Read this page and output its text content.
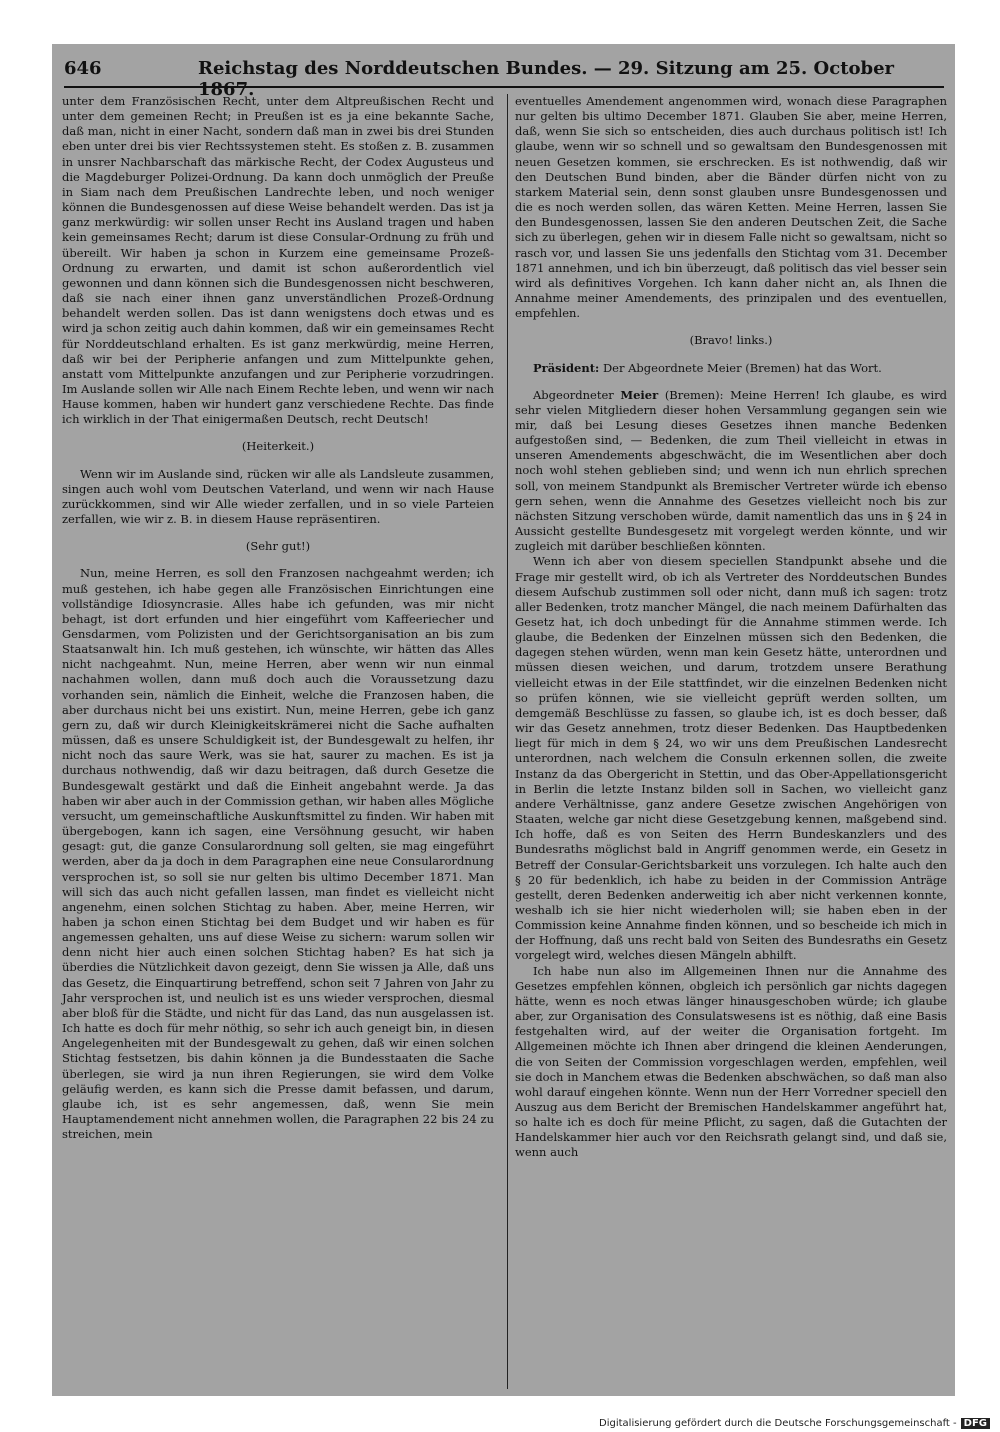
646	Reichstag des Norddeutschen Bundes. — 29. Sitzung am 25. October 1867.

unter dem Französischen Recht, unter dem Altpreußischen Recht und unter dem gemeinen Recht; in Preußen ist es ja eine bekannte Sache, daß man, nicht in einer Nacht, sondern daß man in zwei bis drei Stunden eben unter drei bis vier Rechtssystemen steht. Es stoßen z. B. zusammen in unsrer Nachbarschaft das märkische Recht, der Codex Augusteus und die Magdeburger Polizei-Ordnung. Da kann doch unmöglich der Preuße in Siam nach dem Preußischen Landrechte leben, und noch weniger können die Bundesgenossen auf diese Weise behandelt werden. Das ist ja ganz merkwürdig: wir sollen unser Recht ins Ausland tragen und haben kein gemeinsames Recht; darum ist diese Consular-Ordnung zu früh und übereilt. Wir haben ja schon in Kurzem eine gemeinsame Prozeß-Ordnung zu erwarten, und damit ist schon außerordentlich viel gewonnen und dann können sich die Bundesgenossen nicht beschweren, daß sie nach einer ihnen ganz unverständlichen Prozeß-Ordnung behandelt werden sollen. Das ist dann wenigstens doch etwas und es wird ja schon zeitig auch dahin kommen, daß wir ein gemeinsames Recht für Norddeutschland erhalten. Es ist ganz merkwürdig, meine Herren, daß wir bei der Peripherie anfangen und zum Mittelpunkte gehen, anstatt vom Mittelpunkte anzufangen und zur Peripherie vorzudringen. Im Auslande sollen wir Alle nach Einem Rechte leben, und wenn wir nach Hause kommen, haben wir hundert ganz verschiedene Rechte. Das finde ich wirklich in der That einigermaßen Deutsch, recht Deutsch!

(Heiterkeit.)

Wenn wir im Auslande sind, rücken wir alle als Landsleute zusammen, singen auch wohl vom Deutschen Vaterland, und wenn wir nach Hause zurückkommen, sind wir Alle wieder zerfallen, und in so viele Parteien zerfallen, wie wir z. B. in diesem Hause repräsentiren.

(Sehr gut!)

Nun, meine Herren, es soll den Franzosen nachgeahmt werden; ich muß gestehen, ich habe gegen alle Französischen Einrichtungen eine vollständige Idiosyncrasie. Alles habe ich gefunden, was mir nicht behagt, ist dort erfunden und hier eingeführt vom Kaffeeriecher und Gensdarmen, vom Polizisten und der Gerichtsorganisation an bis zum Staatsanwalt hin. Ich muß gestehen, ich wünschte, wir hätten das Alles nicht nachgeahmt. Nun, meine Herren, aber wenn wir nun einmal nachahmen wollen, dann muß doch auch die Voraussetzung dazu vorhanden sein, nämlich die Einheit, welche die Franzosen haben, die aber durchaus nicht bei uns existirt. Nun, meine Herren, gebe ich ganz gern zu, daß wir durch Kleinigkeitskrämerei nicht die Sache aufhalten müssen, daß es unsere Schuldigkeit ist, der Bundesgewalt zu helfen, ihr nicht noch das saure Werk, was sie hat, saurer zu machen. Es ist ja durchaus nothwendig, daß wir dazu beitragen, daß durch Gesetze die Bundesgewalt gestärkt und daß die Einheit angebahnt werde. Ja das haben wir aber auch in der Commission gethan, wir haben alles Mögliche versucht, um gemeinschaftliche Auskunftsmittel zu finden. Wir haben mit übergebogen, kann ich sagen, eine Versöhnung gesucht, wir haben gesagt: gut, die ganze Consularordnung soll gelten, sie mag eingeführt werden, aber da ja doch in dem Paragraphen eine neue Consularordnung versprochen ist, so soll sie nur gelten bis ultimo December 1871. Man will sich das auch nicht gefallen lassen, man findet es vielleicht nicht angenehm, einen solchen Stichtag zu haben. Aber, meine Herren, wir haben ja schon einen Stichtag bei dem Budget und wir haben es für angemessen gehalten, uns auf diese Weise zu sichern: warum sollen wir denn nicht hier auch einen solchen Stichtag haben? Es hat sich ja überdies die Nützlichkeit davon gezeigt, denn Sie wissen ja Alle, daß uns das Gesetz, die Einquartirung betreffend, schon seit 7 Jahren von Jahr zu Jahr versprochen ist, und neulich ist es uns wieder versprochen, diesmal aber bloß für die Städte, und nicht für das Land, das nun ausgelassen ist. Ich hatte es doch für mehr nöthig, so sehr ich auch geneigt bin, in diesen Angelegenheiten mit der Bundesgewalt zu gehen, daß wir einen solchen Stichtag festsetzen, bis dahin können ja die Bundesstaaten die Sache überlegen, sie wird ja nun ihren Regierungen, sie wird dem Volke geläufig werden, es kann sich die Presse damit befassen, und darum, glaube ich, ist es sehr angemessen, daß, wenn Sie mein Hauptamendement nicht annehmen wollen, die Paragraphen 22 bis 24 zu streichen, mein

eventuelles Amendement angenommen wird, wonach diese Paragraphen nur gelten bis ultimo December 1871. Glauben Sie aber, meine Herren, daß, wenn Sie sich so entscheiden, dies auch durchaus politisch ist! Ich glaube, wenn wir so schnell und so gewaltsam den Bundesgenossen mit neuen Gesetzen kommen, sie erschrecken. Es ist nothwendig, daß wir den Deutschen Bund binden, aber die Bänder dürfen nicht von zu starkem Material sein, denn sonst glauben unsre Bundesgenossen und die es noch werden sollen, das wären Ketten. Meine Herren, lassen Sie den Bundesgenossen, lassen Sie den anderen Deutschen Zeit, die Sache sich zu überlegen, gehen wir in diesem Falle nicht so gewaltsam, nicht so rasch vor, und lassen Sie uns jedenfalls den Stichtag vom 31. December 1871 annehmen, und ich bin überzeugt, daß politisch das viel besser sein wird als definitives Vorgehen. Ich kann daher nicht an, als Ihnen die Annahme meiner Amendements, des prinzipalen und des eventuellen, empfehlen.

(Bravo! links.)

Präsident: Der Abgeordnete Meier (Bremen) hat das Wort.

Abgeordneter Meier (Bremen): Meine Herren! Ich glaube, es wird sehr vielen Mitgliedern dieser hohen Versammlung gegangen sein wie mir, daß bei Lesung dieses Gesetzes ihnen manche Bedenken aufgestoßen sind, — Bedenken, die zum Theil vielleicht in etwas in unseren Amendements abgeschwächt, die im Wesentlichen aber doch noch wohl stehen geblieben sind; und wenn ich nun ehrlich sprechen soll, von meinem Standpunkt als Bremischer Vertreter würde ich ebenso gern sehen, wenn die Annahme des Gesetzes vielleicht noch bis zur nächsten Sitzung verschoben würde, damit namentlich das uns in § 24 in Aussicht gestellte Bundesgesetz mit vorgelegt werden könnte, und wir zugleich mit darüber beschließen könnten.

Wenn ich aber von diesem speciellen Standpunkt absehe und die Frage mir gestellt wird, ob ich als Vertreter des Norddeutschen Bundes diesem Aufschub zustimmen soll oder nicht, dann muß ich sagen: trotz aller Bedenken, trotz mancher Mängel, die nach meinem Dafürhalten das Gesetz hat, ich doch unbedingt für die Annahme stimmen werde. Ich glaube, die Bedenken der Einzelnen müssen sich den Bedenken, die dagegen stehen würden, wenn man kein Gesetz hätte, unterordnen und müssen diesen weichen, und darum, trotzdem unsere Berathung vielleicht etwas in der Eile stattfindet, wir die einzelnen Bedenken nicht so prüfen können, wie sie vielleicht geprüft werden sollten, um demgemäß Beschlüsse zu fassen, so glaube ich, ist es doch besser, daß wir das Gesetz annehmen, trotz dieser Bedenken. Das Hauptbedenken liegt für mich in dem § 24, wo wir uns dem Preußischen Landesrecht unterordnen, nach welchem die Consuln erkennen sollen, die zweite Instanz da das Obergericht in Stettin, und das Ober-Appellationsgericht in Berlin die letzte Instanz bilden soll in Sachen, wo vielleicht ganz andere Verhältnisse, ganz andere Gesetze zwischen Angehörigen von Staaten, welche gar nicht diese Gesetzgebung kennen, maßgebend sind. Ich hoffe, daß es von Seiten des Herrn Bundeskanzlers und des Bundesraths möglichst bald in Angriff genommen werde, ein Gesetz in Betreff der Consular-Gerichtsbarkeit uns vorzulegen. Ich halte auch den § 20 für bedenklich, ich habe zu beiden in der Commission Anträge gestellt, deren Bedenken anderweitig ich aber nicht verkennen konnte, weshalb ich sie hier nicht wiederholen will; sie haben eben in der Commission keine Annahme finden können, und so bescheide ich mich in der Hoffnung, daß uns recht bald von Seiten des Bundesraths ein Gesetz vorgelegt wird, welches diesen Mängeln abhilft.

Ich habe nun also im Allgemeinen Ihnen nur die Annahme des Gesetzes empfehlen können, obgleich ich persönlich gar nichts dagegen hätte, wenn es noch etwas länger hinausgeschoben würde; ich glaube aber, zur Organisation des Consulatswesens ist es nöthig, daß eine Basis festgehalten wird, auf der weiter die Organisation fortgeht. Im Allgemeinen möchte ich Ihnen aber dringend die kleinen Aenderungen, die von Seiten der Commission vorgeschlagen werden, empfehlen, weil sie doch in Manchem etwas die Bedenken abschwächen, so daß man also wohl darauf eingehen könnte. Wenn nun der Herr Vorredner speciell den Auszug aus dem Bericht der Bremischen Handelskammer angeführt hat, so halte ich es doch für meine Pflicht, zu sagen, daß die Gutachten der Handelskammer hier auch vor den Reichsrath gelangt sind, und daß sie, wenn auch

Digitalisierung gefördert durch die Deutsche Forschungsgemeinschaft - DFG
